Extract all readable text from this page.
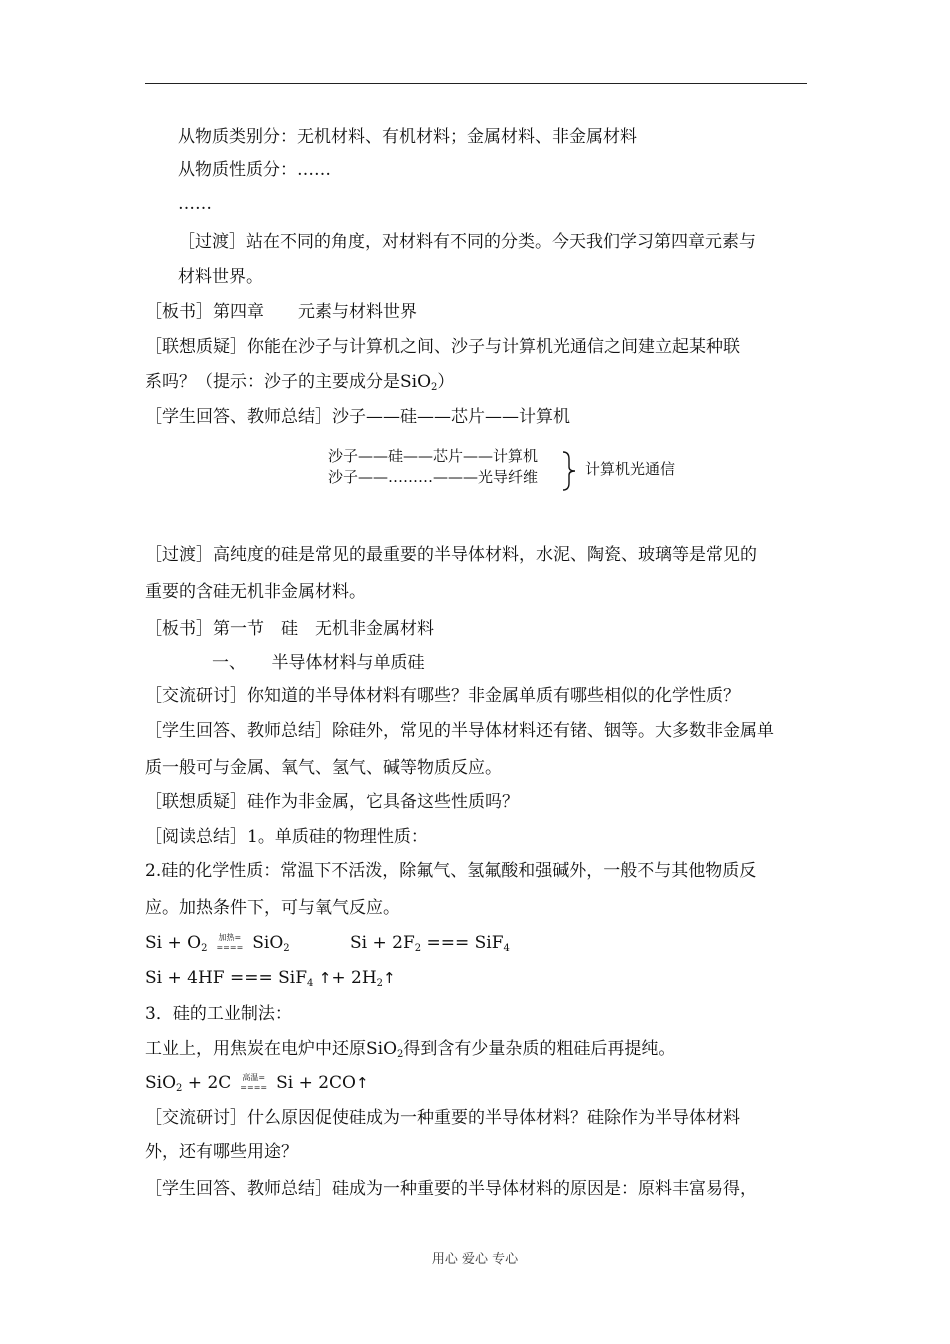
从物质类别分：无机材料、有机材料；金属材料、非金属材料
从物质性质分：……
……
［过渡］站在不同的角度，对材料有不同的分类。今天我们学习第四章元素与
材料世界。
［板书］第四章　　元素与材料世界
［联想质疑］你能在沙子与计算机之间、沙子与计算机光通信之间建立起某种联
系吗？（提示：沙子的主要成分是SiO$_2$）
［学生回答、教师总结］沙子——硅——芯片——计算机
沙子——硅——芯片——计算机
沙子——………———光导纤维	计算机光通信
［过渡］高纯度的硅是常见的最重要的半导体材料，水泥、陶瓷、玻璃等是常见的
重要的含硅无机非金属材料。
［板书］第一节　硅　无机非金属材料
一、　　半导体材料与单质硅
［交流研讨］你知道的半导体材料有哪些？非金属单质有哪些相似的化学性质？
［学生回答、教师总结］除硅外，常见的半导体材料还有锗、铟等。大多数非金属单
质一般可与金属、氧气、氢气、碱等物质反应。
［联想质疑］硅作为非金属，它具备这些性质吗？
［阅读总结］1。单质硅的物理性质：
2.硅的化学性质：常温下不活泼，除氟气、氢氟酸和强碱外，一般不与其他物质反
应。加热条件下，可与氧气反应。
$Si + O_2$
加热=
==== SiO$_2$	$Si + 2F_2$ === SiF$_4$
Si + 4HF === SiF$_4$ ↑+ $2H_2↑$
3．硅的工业制法：
工业上，用焦炭在电炉中还原SiO$_2$得到含有少量杂质的粗硅后再提纯。
SiO$_2$ + 2C	高温=
==== Si + 2CO↑
［交流研讨］什么原因促使硅成为一种重要的半导体材料？硅除作为半导体材料
外，还有哪些用途？
［学生回答、教师总结］硅成为一种重要的半导体材料的原因是：原料丰富易得，
用心 爱心 专心
